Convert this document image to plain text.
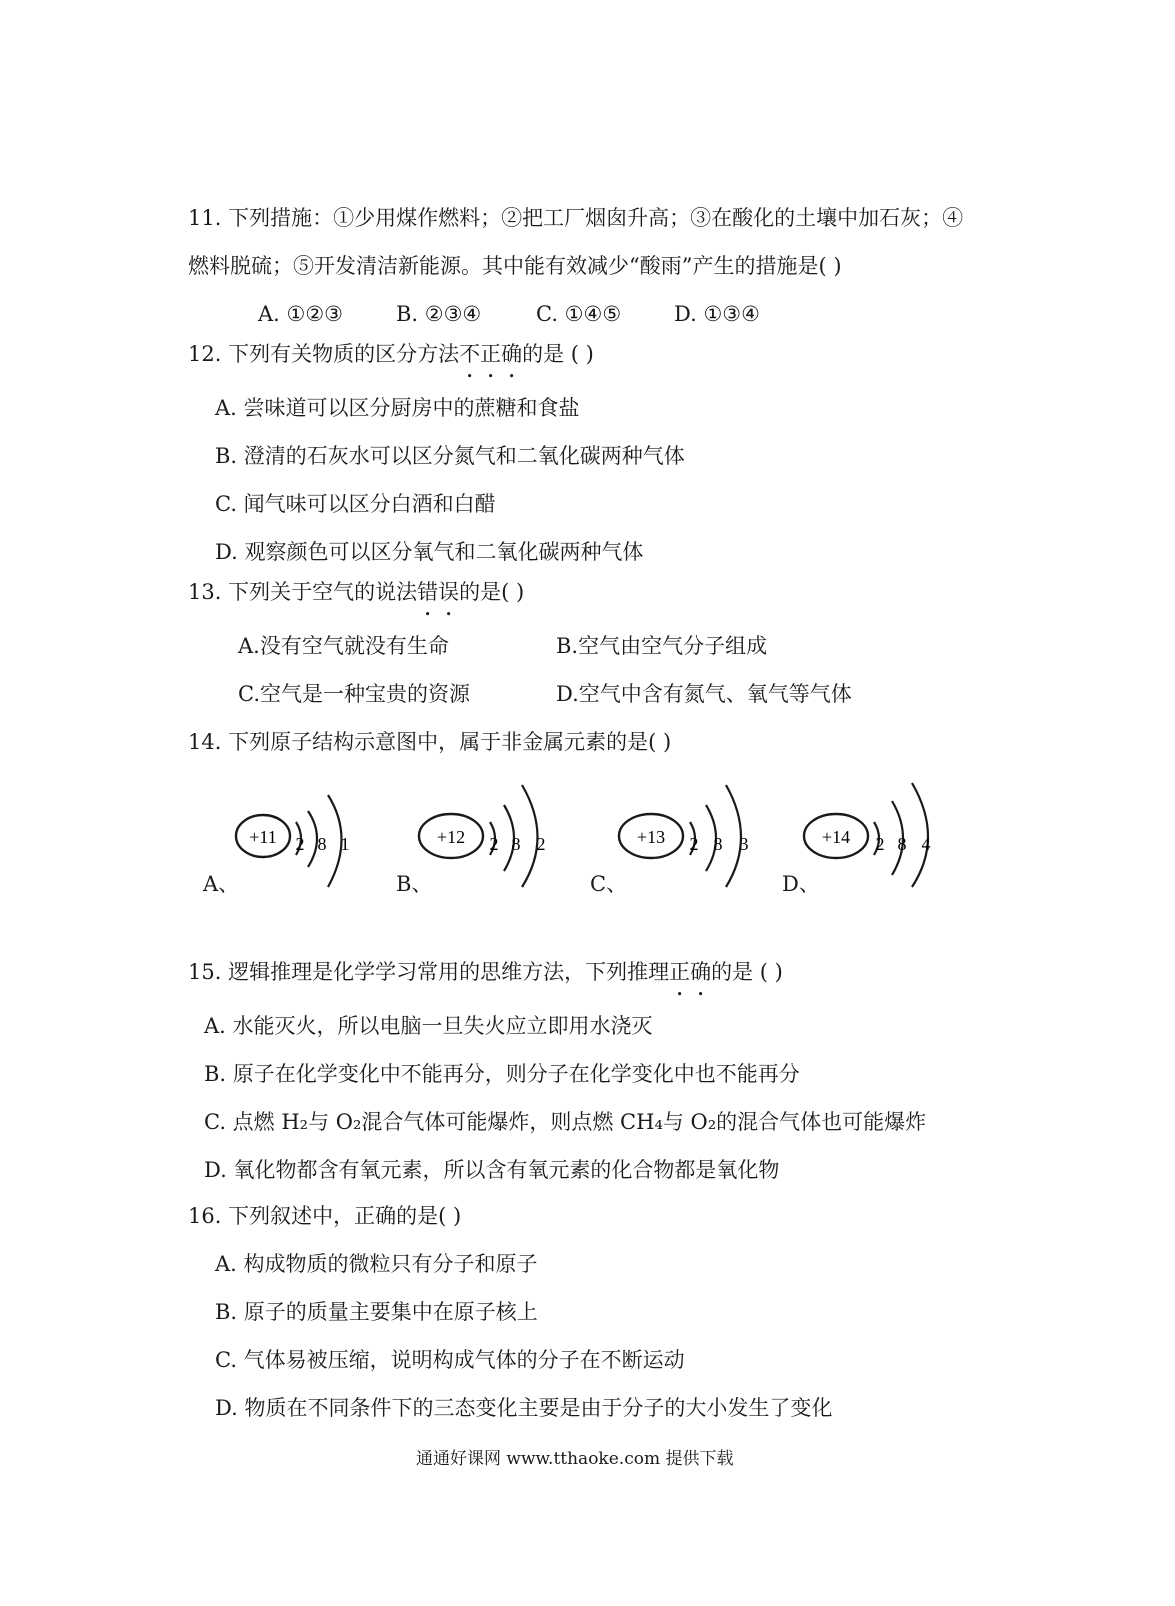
11. 下列措施：①少用煤作燃料；②把工厂烟囱升高；③在酸化的土壤中加石灰；④
燃料脱硫；⑤开发清洁新能源。其中能有效减少“酸雨”产生的措施是( )
A. ①②③	B. ②③④	C. ①④⑤	D. ①③④
12. 下列有关物质的区分方法不正确的是 ( )
A. 尝味道可以区分厨房中的蔗糖和食盐
B. 澄清的石灰水可以区分氮气和二氧化碳两种气体
C. 闻气味可以区分白酒和白醋
D. 观察颜色可以区分氧气和二氧化碳两种气体
13. 下列关于空气的说法错误的是( )
A.没有空气就没有生命	B.空气由空气分子组成
C.空气是一种宝贵的资源	D.空气中含有氮气、氧气等气体
14. 下列原子结构示意图中，属于非金属元素的是( )
+11 2 8 1
A、
+12 2 8 2
B、
+13 2 8 3
C、
+14 2 8 4
D、
15. 逻辑推理是化学学习常用的思维方法，下列推理正确的是 ( )
A. 水能灭火，所以电脑一旦失火应立即用水浇灭
B. 原子在化学变化中不能再分，则分子在化学变化中也不能再分
C. 点燃 H₂与 O₂混合气体可能爆炸，则点燃 CH₄与 O₂的混合气体也可能爆炸
D. 氧化物都含有氧元素，所以含有氧元素的化合物都是氧化物
16. 下列叙述中，正确的是( )
A. 构成物质的微粒只有分子和原子
B. 原子的质量主要集中在原子核上
C. 气体易被压缩，说明构成气体的分子在不断运动
D. 物质在不同条件下的三态变化主要是由于分子的大小发生了变化
通通好课网 www.tthaoke.com 提供下载
